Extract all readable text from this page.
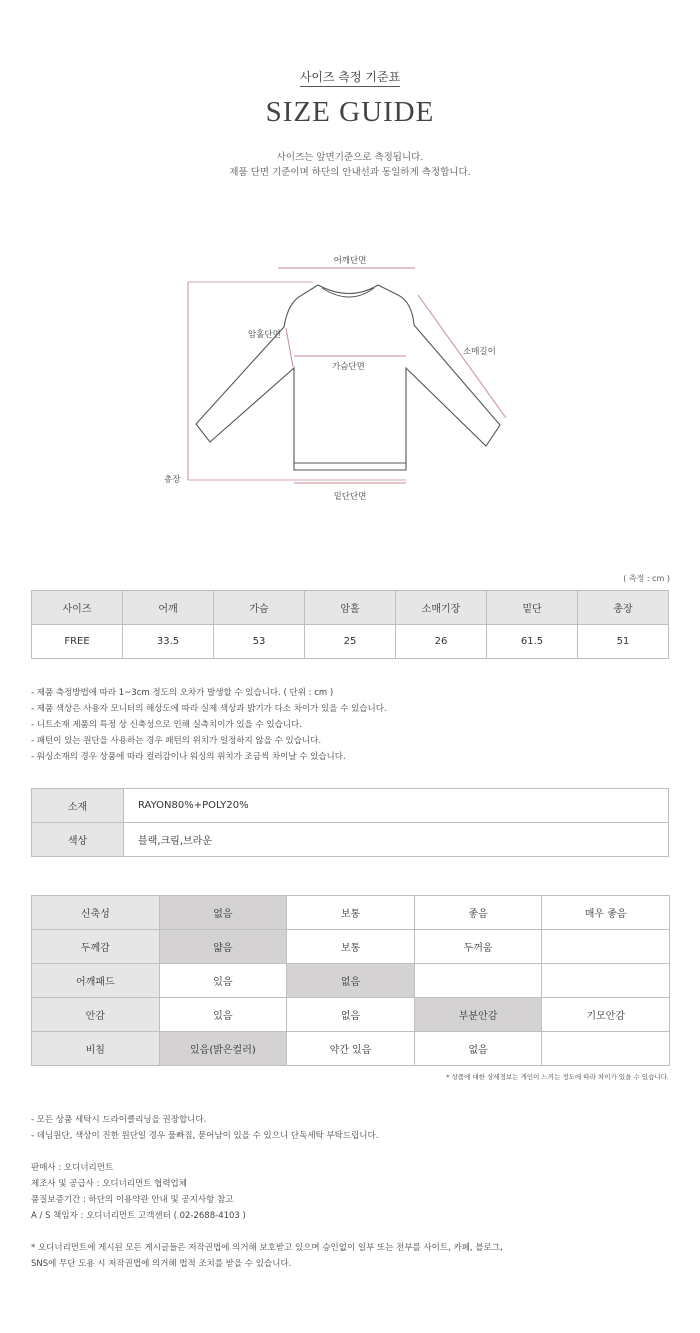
사이즈 측정 기준표
SIZE GUIDE
사이즈는 앞면기준으로 측정됩니다.
제품 단면 기준이며 하단의 안내선과 동일하게 측정합니다.
어깨단면
암홀단면
가슴단면
소매길이
총장
밑단단면
( 측정 : cm )
사이즈	어깨	가슴	암홀	소매기장	밑단	총장
FREE	33.5	53	25	26	61.5	51
- 제품 측정방법에 따라 1~3cm 정도의 오차가 발생할 수 있습니다. ( 단위 : cm )
- 제품 색상은 사용자 모니터의 해상도에 따라 실제 색상과 밝기가 다소 차이가 있을 수 있습니다.
- 니트소재 제품의 특정 상 신축성으로 인해 실측치이가 있을 수 있습니다.
- 패턴이 있는 원단을 사용하는 경우 패턴의 위치가 일정하지 않을 수 있습니다.
- 워싱소재의 경우 상품에 따라 컬러감이나 워싱의 위치가 조금씩 차이날 수 있습니다.
소재	RAYON80%+POLY20%
색상	블랙,크림,브라운
신축성	없음	보통	좋음	매우 좋음
두께감	얇음	보통	두꺼움	
어깨패드	있음	없음		
안감	있음	없음	부분안감	기모안감
비침	있음(밝은컬러)	약간 있음	없음	
* 상품에 대한 상세정보는 개인이 느끼는 정도에 따라 차이가 있을 수 있습니다.
- 모든 상품 세탁시 드라이클리닝을 권장합니다.
- 데님원단, 색상이 진한 원단일 경우 물빠짐, 묻어남이 있을 수 있으니 단독세탁 부탁드립니다.
판매사 : 오디너리먼트
제조사 및 공급사 : 오디너리먼트 협력업체
품질보증기간 : 하단의 이용약관 안내 및 공지사항 참고
A / S 책임자 : 오디너리먼트 고객센터 ( 02-2688-4103 )
* 오디너리먼트에 게시된 모든 게시글들은 저작권법에 의거해 보호받고 있으며 승인없이 일부 또는 전부를 사이트, 카페, 블로그,
SNS에 무단 도용 시 저작권법에 의거해 법적 조치를 받을 수 있습니다.
